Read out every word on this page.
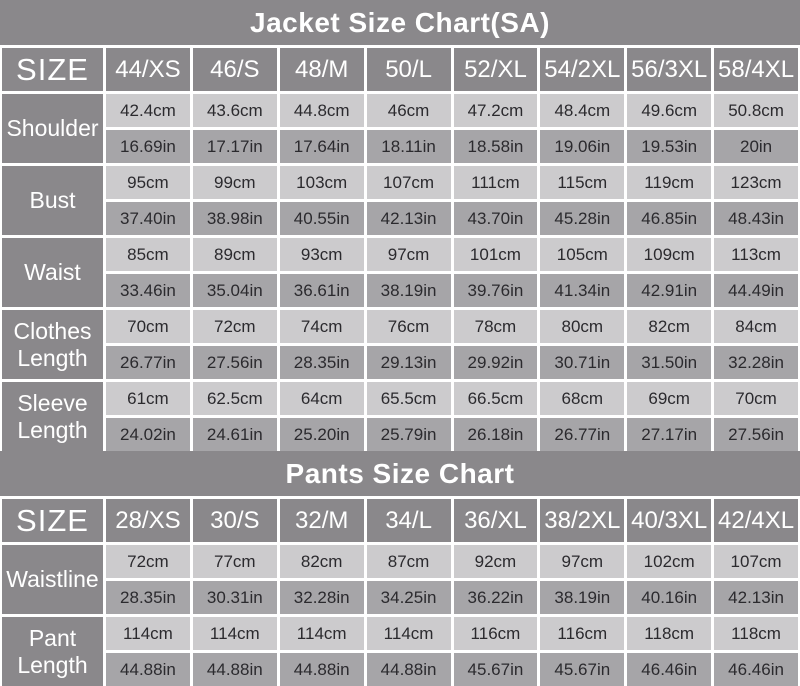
Jacket Size Chart(SA)
SIZE	44/XS	46/S	48/M	50/L	52/XL 54/2XL 56/3XL 58/4XL
Shoulder
42.4cm	43.6cm	44.8cm	46cm	47.2cm	48.4cm	49.6cm	50.8cm
16.69in	17.17in	17.64in	18.11in	18.58in	19.06in	19.53in	20in
Bust
95cm	99cm	103cm	107cm	111cm	115cm	119cm	123cm
37.40in	38.98in	40.55in	42.13in	43.70in	45.28in	46.85in	48.43in
Waist
85cm	89cm	93cm	97cm	101cm	105cm	109cm	113cm
33.46in	35.04in	36.61in	38.19in	39.76in	41.34in	42.91in	44.49in
Clothes Length
70cm	72cm	74cm	76cm	78cm	80cm	82cm	84cm
26.77in	27.56in	28.35in	29.13in	29.92in	30.71in	31.50in	32.28in
Sleeve Length
61cm	62.5cm	64cm	65.5cm	66.5cm	68cm	69cm	70cm
24.02in	24.61in	25.20in	25.79in	26.18in	26.77in	27.17in	27.56in
Pants Size Chart
SIZE	28/XS	30/S	32/M	34/L	36/XL 38/2XL 40/3XL 42/4XL
Waistline
72cm	77cm	82cm	87cm	92cm	97cm	102cm	107cm
28.35in	30.31in	32.28in	34.25in	36.22in	38.19in	40.16in	42.13in
Pant Length
114cm	114cm	114cm	114cm	116cm	116cm	118cm	118cm
44.88in	44.88in	44.88in	44.88in	45.67in	45.67in	46.46in	46.46in
